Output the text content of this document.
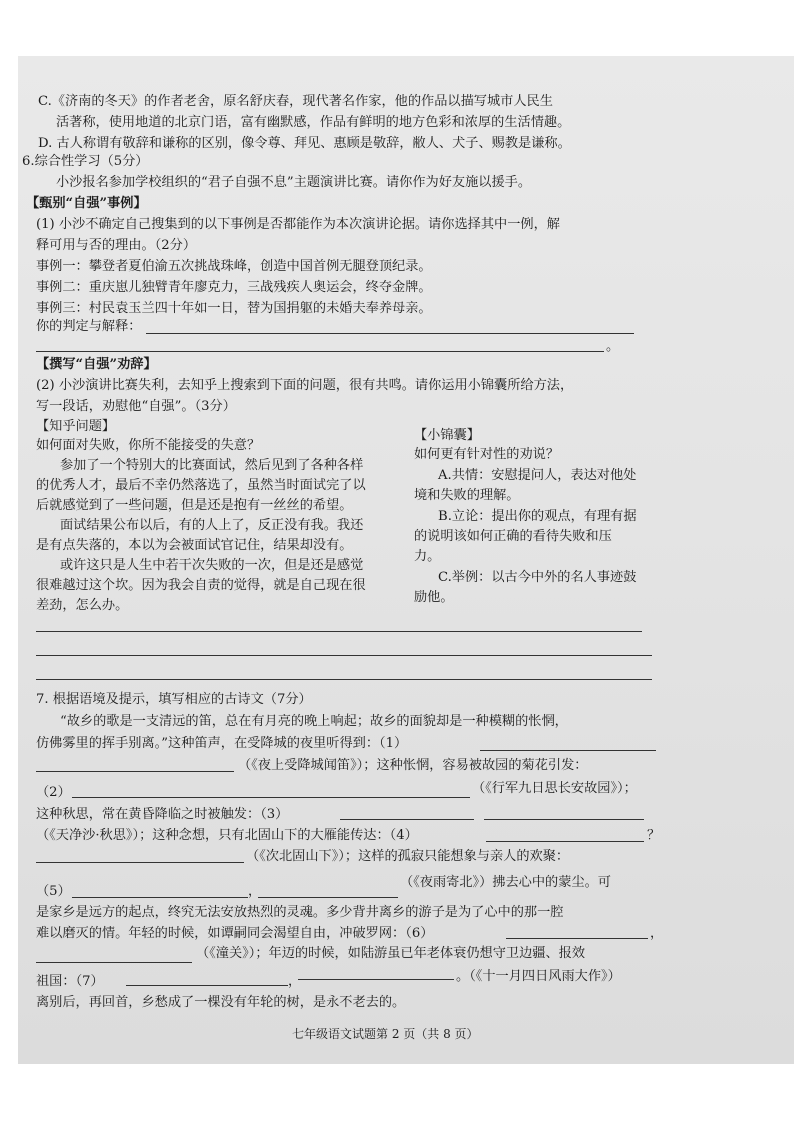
C.《济南的冬天》的作者老舍，原名舒庆春，现代著名作家，他的作品以描写城市人民生
活著称，使用地道的北京门语，富有幽默感，作品有鲜明的地方色彩和浓厚的生活情趣。
D. 古人称谓有敬辞和谦称的区别，像令尊、拜见、惠顾是敬辞，敝人、犬子、赐教是谦称。
6.综合性学习（5分）
小沙报名参加学校组织的“君子自强不息”主题演讲比赛。请你作为好友施以援手。
【甄别“自强”事例】
(1) 小沙不确定自己搜集到的以下事例是否都能作为本次演讲论据。请你选择其中一例，解
释可用与否的理由。（2分）
事例一：攀登者夏伯渝五次挑战珠峰，创造中国首例无腿登顶纪录。
事例二：重庆崽儿独臂青年廖克力，三战残疾人奥运会，终夺金牌。
事例三：村民袁玉兰四十年如一日，替为国捐躯的未婚夫奉养母亲。
你的判定与解释：
。
【撰写“自强”劝辞】
(2) 小沙演讲比赛失利，去知乎上搜索到下面的问题，很有共鸣。请你运用小锦囊所给方法，
写一段话，劝慰他“自强”。（3分）
【知乎问题】
如何面对失败，你所不能接受的失意？
参加了一个特别大的比赛面试，然后见到了各种各样
的优秀人才，最后不幸仍然落选了，虽然当时面试完了以
后就感觉到了一些问题，但是还是抱有一丝丝的希望。
面试结果公布以后，有的人上了，反正没有我。我还
是有点失落的，本以为会被面试官记住，结果却没有。
或许这只是人生中若干次失败的一次，但是还是感觉
很难越过这个坎。因为我会自责的觉得，就是自己现在很
差劲，怎么办。
【小锦囊】
如何更有针对性的劝说？
A.共情：安慰提问人，表达对他处
境和失败的理解。
B.立论：提出你的观点，有理有据
的说明该如何正确的看待失败和压
力。
C.举例：以古今中外的名人事迹鼓
励他。
7. 根据语境及提示，填写相应的古诗文（7分）
“故乡的歌是一支清远的笛，总在有月亮的晚上响起；故乡的面貌却是一种模糊的怅惘，
仿佛雾里的挥手别离。”这种笛声，在受降城的夜里听得到：（1）
（《夜上受降城闻笛》）；这种怅惘，容易被故园的菊花引发：
（2）	（《行军九日思长安故园》）；
这种秋思，常在黄昏降临之时被触发：（3）
（《天净沙·秋思》）；这种念想，只有北固山下的大雁能传达：（4）	？
（《次北固山下》）；这样的孤寂只能想象与亲人的欢聚：
（5）	，
（《夜雨寄北》）拂去心中的蒙尘。可
是家乡是远方的起点，终究无法安放热烈的灵魂。多少背井离乡的游子是为了心中的那一腔
难以磨灭的情。年轻的时候，如谭嗣同会渴望自由，冲破罗网：（6）	，
（《潼关》）；年迈的时候，如陆游虽已年老体衰仍想守卫边疆、报效
祖国：（7）	，	。（《十一月四日风雨大作》）
离别后，再回首，乡愁成了一棵没有年轮的树，是永不老去的。
七年级语文试题第 2 页（共 8 页）
